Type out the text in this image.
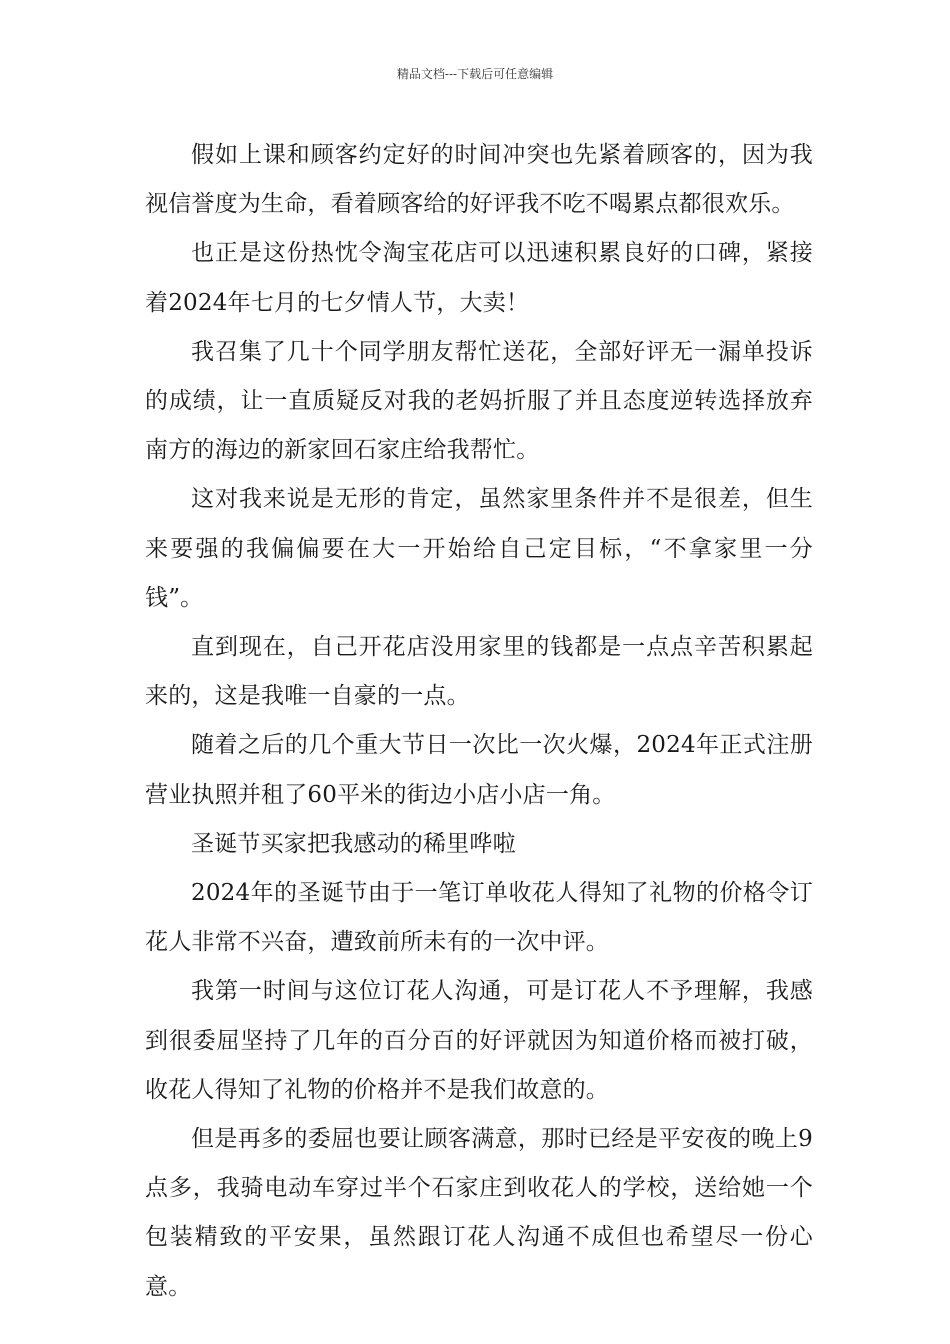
精品文档---下载后可任意编辑

假如上课和顾客约定好的时间冲突也先紧着顾客的，因为我视信誉度为生命，看着顾客给的好评我不吃不喝累点都很欢乐。

也正是这份热忱令淘宝花店可以迅速积累良好的口碑，紧接着2024年七月的七夕情人节，大卖！

我召集了几十个同学朋友帮忙送花，全部好评无一漏单投诉的成绩，让一直质疑反对我的老妈折服了并且态度逆转选择放弃南方的海边的新家回石家庄给我帮忙。

这对我来说是无形的肯定，虽然家里条件并不是很差，但生来要强的我偏偏要在大一开始给自己定目标，“不拿家里一分钱”。

直到现在，自己开花店没用家里的钱都是一点点辛苦积累起来的，这是我唯一自豪的一点。

随着之后的几个重大节日一次比一次火爆，2024年正式注册营业执照并租了60平米的街边小店小店一角。

圣诞节买家把我感动的稀里哗啦

2024年的圣诞节由于一笔订单收花人得知了礼物的价格令订花人非常不兴奋，遭致前所未有的一次中评。

我第一时间与这位订花人沟通，可是订花人不予理解，我感到很委屈坚持了几年的百分百的好评就因为知道价格而被打破，收花人得知了礼物的价格并不是我们故意的。

但是再多的委屈也要让顾客满意，那时已经是平安夜的晚上9点多，我骑电动车穿过半个石家庄到收花人的学校，送给她一个包装精致的平安果，虽然跟订花人沟通不成但也希望尽一份心意。
